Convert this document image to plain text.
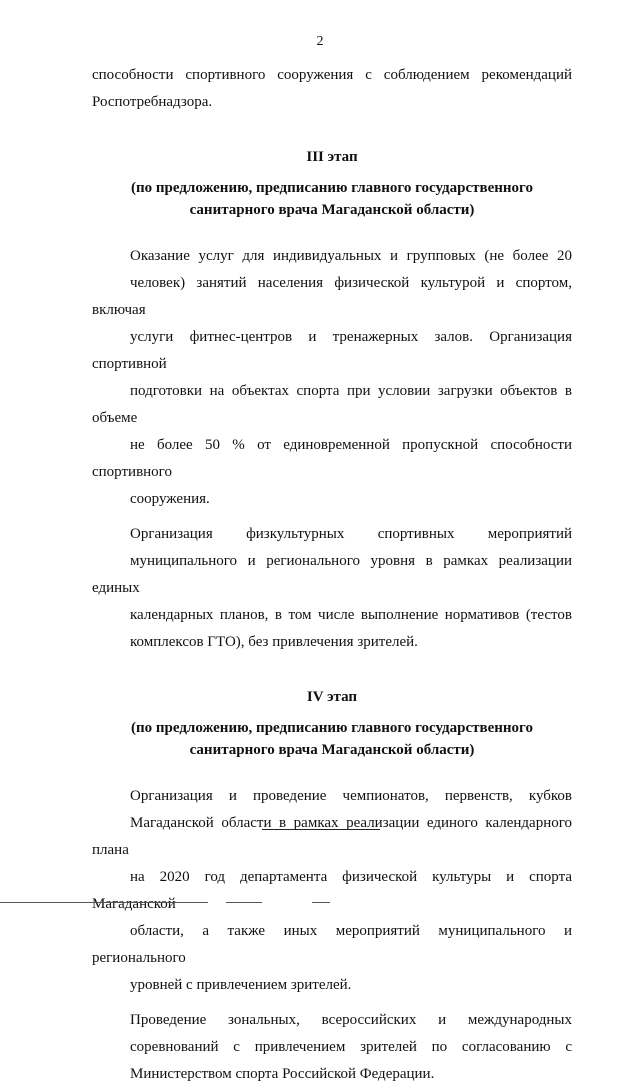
2

способности спортивного сооружения с соблюдением рекомендаций
Роспотребнадзора.

III этап

(по предложению, предписанию главного государственного санитарного врача Магаданской области)

Оказание услуг для индивидуальных и групповых (не более 20
человек) занятий населения физической культурой и спортом, включая
услуги фитнес-центров и тренажерных залов. Организация спортивной
подготовки на объектах спорта при условии загрузки объектов в объеме
не более 50 % от единовременной пропускной способности спортивного
сооружения.

Организация физкультурных спортивных мероприятий
муниципального и регионального уровня в рамках реализации единых
календарных планов, в том числе выполнение нормативов (тестов
комплексов ГТО), без привлечения зрителей.

IV этап

(по предложению, предписанию главного государственного санитарного врача Магаданской области)

Организация и проведение чемпионатов, первенств, кубков
Магаданской области в рамках реализации единого календарного плана
на 2020 год департамента физической культуры и спорта Магаданской
области, а также иных мероприятий муниципального и регионального
уровней с привлечением зрителей.

Проведение зональных, всероссийских и международных
соревнований с привлечением зрителей по согласованию с
Министерством спорта Российской Федерации.
